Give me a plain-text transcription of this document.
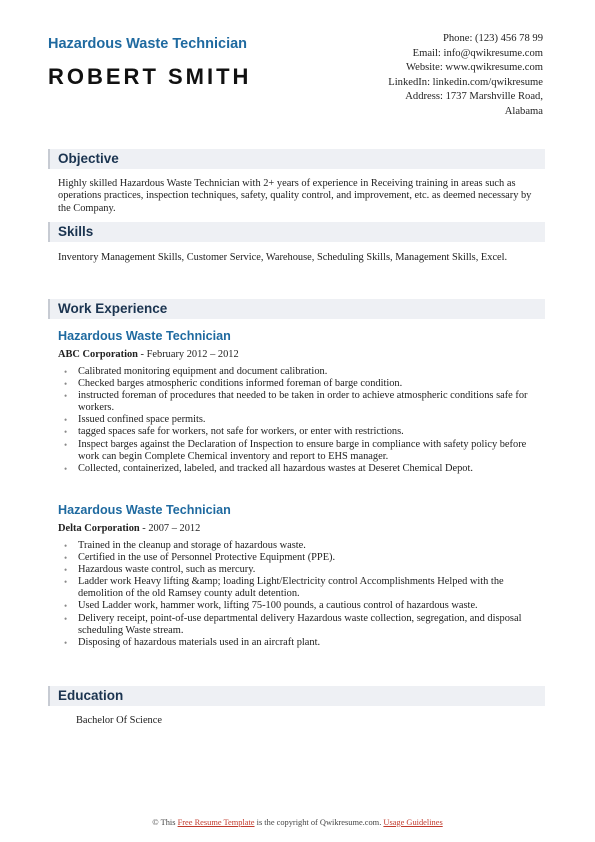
Hazardous Waste Technician
ROBERT SMITH
Phone: (123) 456 78 99
Email: info@qwikresume.com
Website: www.qwikresume.com
LinkedIn: linkedin.com/qwikresume
Address: 1737 Marshville Road,
Alabama
Objective
Highly skilled Hazardous Waste Technician with 2+ years of experience in Receiving training in areas such as operations practices, inspection techniques, safety, quality control, and improvement, etc. as deemed necessary by the Company.
Skills
Inventory Management Skills, Customer Service, Warehouse, Scheduling Skills, Management Skills, Excel.
Work Experience
Hazardous Waste Technician
ABC Corporation - February 2012 – 2012
• Calibrated monitoring equipment and document calibration.
• Checked barges atmospheric conditions informed foreman of barge condition.
• instructed foreman of procedures that needed to be taken in order to achieve atmospheric conditions safe for workers.
• Issued confined space permits.
• tagged spaces safe for workers, not safe for workers, or enter with restrictions.
• Inspect barges against the Declaration of Inspection to ensure barge in compliance with safety policy before work can begin Complete Chemical inventory and report to EHS manager.
• Collected, containerized, labeled, and tracked all hazardous wastes at Deseret Chemical Depot.
Hazardous Waste Technician
Delta Corporation - 2007 – 2012
• Trained in the cleanup and storage of hazardous waste.
• Certified in the use of Personnel Protective Equipment (PPE).
• Hazardous waste control, such as mercury.
• Ladder work Heavy lifting &amp; loading Light/Electricity control Accomplishments Helped with the demolition of the old Ramsey county adult detention.
• Used Ladder work, hammer work, lifting 75-100 pounds, a cautious control of hazardous waste.
• Delivery receipt, point-of-use departmental delivery Hazardous waste collection, segregation, and disposal scheduling Waste stream.
• Disposing of hazardous materials used in an aircraft plant.
Education
Bachelor Of Science
© This Free Resume Template is the copyright of Qwikresume.com. Usage Guidelines
